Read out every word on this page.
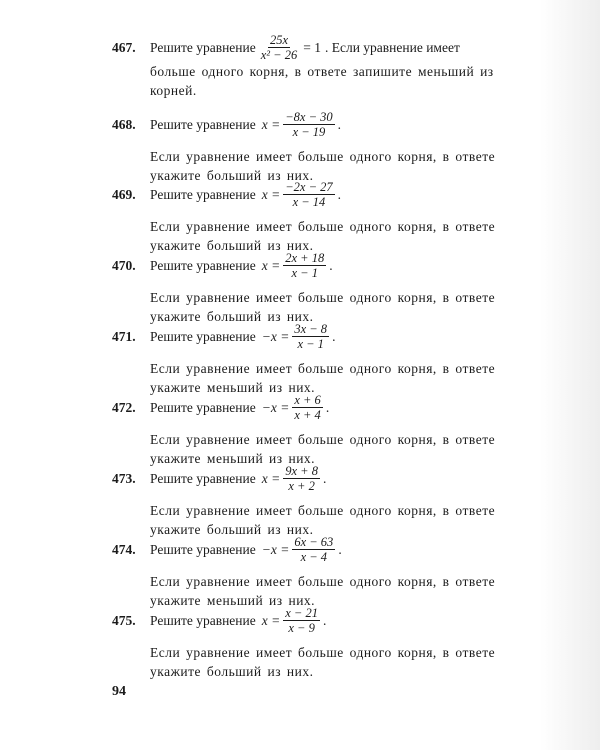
467.	Решите уравнение $\frac{25x}{\text{x² − 26}} = 1$ . Если уравнение имеет
больше одного корня, в ответе запишите меньший из корней.
468.	Решите уравнение $x = \frac{-8x - 30}{x - 19}$ .
Если уравнение имеет больше одного корня, в ответе укажите больший из них.
469.	Решите уравнение $x = \frac{-2x - 27}{x - 14}$ .
Если уравнение имеет больше одного корня, в ответе укажите больший из них.
470.	Решите уравнение $x = \frac{2x + 18}{x - 1}$ .
Если уравнение имеет больше одного корня, в ответе укажите больший из них.
471.	Решите уравнение $-x = \frac{3x - 8}{x - 1}$ .
Если уравнение имеет больше одного корня, в ответе укажите меньший из них.
472.	Решите уравнение $-x = \frac{x + 6}{x + 4}$ .
Если уравнение имеет больше одного корня, в ответе укажите меньший из них.
473.	Решите уравнение $x = \frac{9x + 8}{x + 2}$ .
Если уравнение имеет больше одного корня, в ответе укажите больший из них.
474.	Решите уравнение $-x = \frac{6x - 63}{x - 4}$ .
Если уравнение имеет больше одного корня, в ответе укажите меньший из них.
475.	Решите уравнение $x = \frac{x - 21}{x - 9}$ .
Если уравнение имеет больше одного корня, в ответе укажите больший из них.
94
